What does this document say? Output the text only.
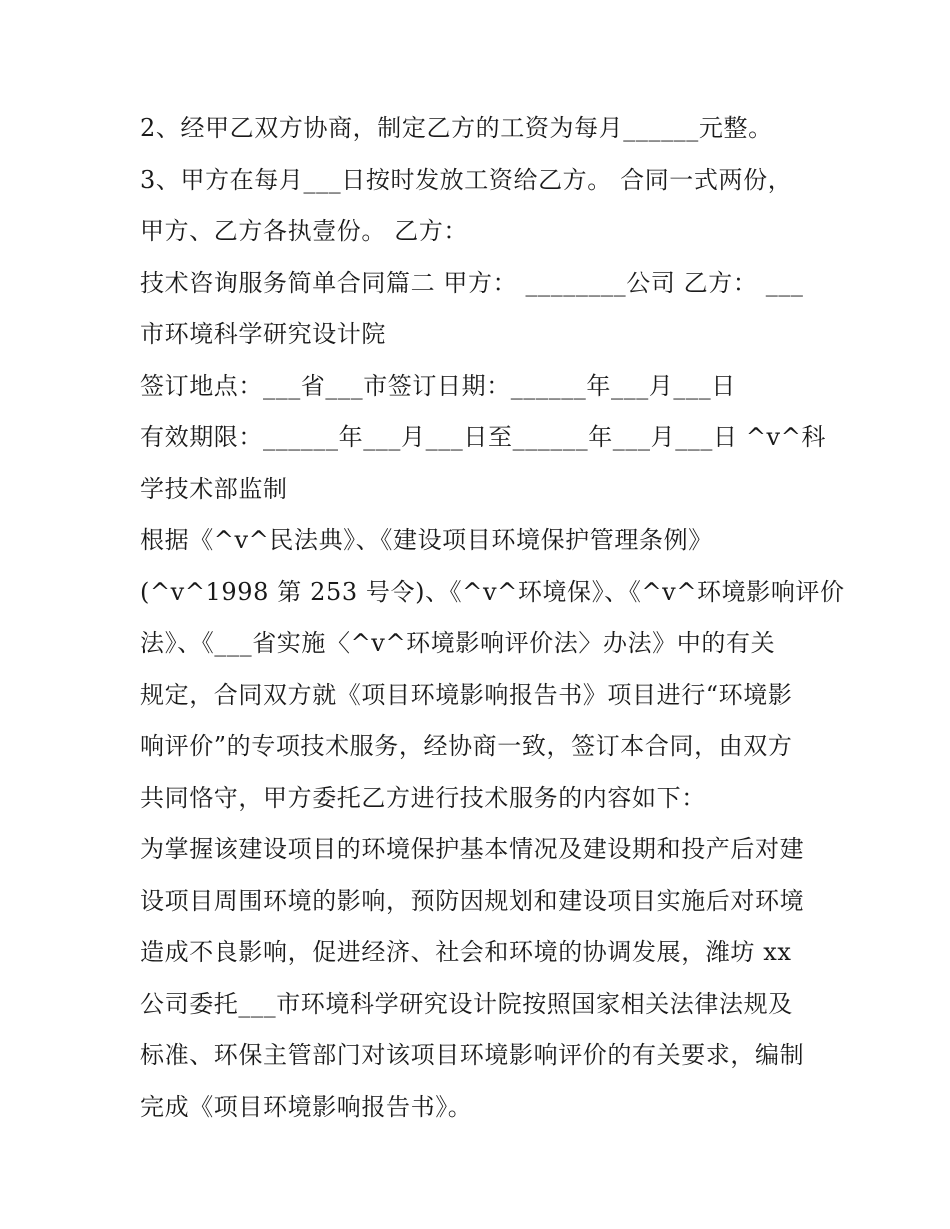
2、经甲乙双方协商，制定乙方的工资为每月______元整。
3、甲方在每月___日按时发放工资给乙方。 合同一式两份，
甲方、乙方各执壹份。 乙方：
技术咨询服务简单合同篇二 甲方： ________公司 乙方： ___
市环境科学研究设计院
签订地点：___省___市签订日期：______年___月___日
有效期限：______年___月___日至______年___月___日 ^v^科
学技术部监制
根据《^v^民法典》、《建设项目环境保护管理条例》
(^v^1998 第 253 号令)、《^v^环境保》、《^v^环境影响评价
法》、《___省实施〈^v^环境影响评价法〉办法》中的有关
规定，合同双方就《项目环境影响报告书》项目进行“环境影
响评价”的专项技术服务，经协商一致，签订本合同，由双方
共同恪守，甲方委托乙方进行技术服务的内容如下：
为掌握该建设项目的环境保护基本情况及建设期和投产后对建
设项目周围环境的影响，预防因规划和建设项目实施后对环境
造成不良影响，促进经济、社会和环境的协调发展，潍坊 xx
公司委托___市环境科学研究设计院按照国家相关法律法规及
标准、环保主管部门对该项目环境影响评价的有关要求，编制
完成《项目环境影响报告书》。
